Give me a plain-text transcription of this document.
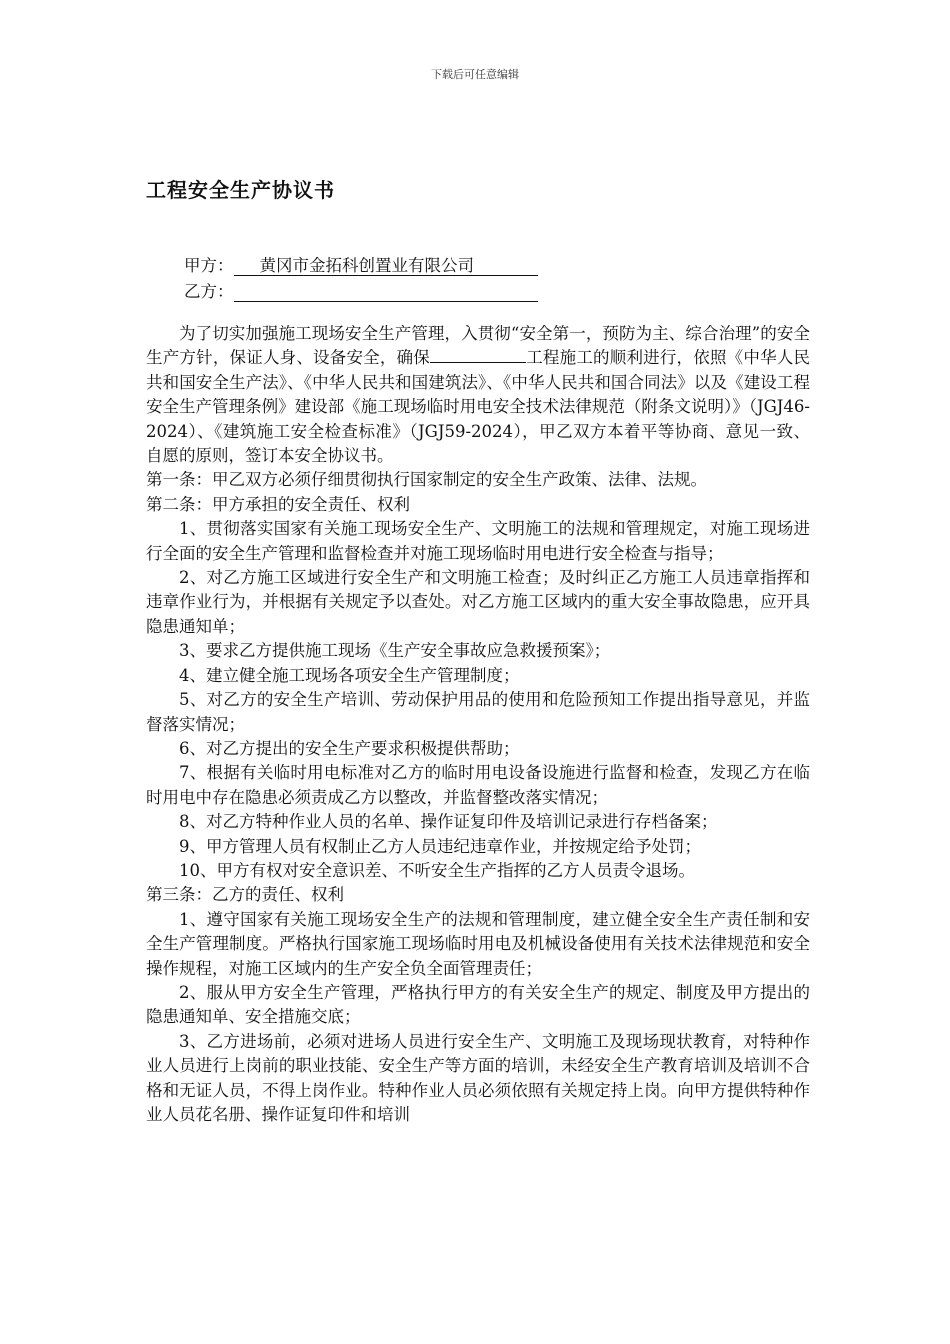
下载后可任意编辑
工程安全生产协议书
甲方： 黄冈市金拓科创置业有限公司
乙方：

为了切实加强施工现场安全生产管理，入贯彻“安全第一，预防为主、综合治理”的安全生产方针，保证人身、设备安全，确保	工程施工的顺利进行，依照《中华人民共和国安全生产法》、《中华人民共和国建筑法》、《中华人民共和国合同法》以及《建设工程安全生产管理条例》建设部《施工现场临时用电安全技术法律规范（附条文说明）》（JGJ46-2024）、《建筑施工安全检查标准》（JGJ59-2024），甲乙双方本着平等协商、意见一致、自愿的原则，签订本安全协议书。

第一条：甲乙双方必须仔细贯彻执行国家制定的安全生产政策、法律、法规。

第二条：甲方承担的安全责任、权利

1、贯彻落实国家有关施工现场安全生产、文明施工的法规和管理规定，对施工现场进行全面的安全生产管理和监督检查并对施工现场临时用电进行安全检查与指导；

2、对乙方施工区域进行安全生产和文明施工检查；及时纠正乙方施工人员违章指挥和违章作业行为，并根据有关规定予以查处。对乙方施工区域内的重大安全事故隐患，应开具隐患通知单；

3、要求乙方提供施工现场《生产安全事故应急救援预案》；

4、建立健全施工现场各项安全生产管理制度；

5、对乙方的安全生产培训、劳动保护用品的使用和危险预知工作提出指导意见，并监督落实情况；

6、对乙方提出的安全生产要求积极提供帮助；

7、根据有关临时用电标准对乙方的临时用电设备设施进行监督和检查，发现乙方在临时用电中存在隐患必须责成乙方以整改，并监督整改落实情况；

8、对乙方特种作业人员的名单、操作证复印件及培训记录进行存档备案；

9、甲方管理人员有权制止乙方人员违纪违章作业，并按规定给予处罚；

10、甲方有权对安全意识差、不听安全生产指挥的乙方人员责令退场。

第三条：乙方的责任、权利

1、遵守国家有关施工现场安全生产的法规和管理制度，建立健全安全生产责任制和安全生产管理制度。严格执行国家施工现场临时用电及机械设备使用有关技术法律规范和安全操作规程，对施工区域内的生产安全负全面管理责任；

2、服从甲方安全生产管理，严格执行甲方的有关安全生产的规定、制度及甲方提出的隐患通知单、安全措施交底；

3、乙方进场前，必须对进场人员进行安全生产、文明施工及现场现状教育，对特种作业人员进行上岗前的职业技能、安全生产等方面的培训，未经安全生产教育培训及培训不合格和无证人员，不得上岗作业。特种作业人员必须依照有关规定持上岗。向甲方提供特种作业人员花名册、操作证复印件和培训
